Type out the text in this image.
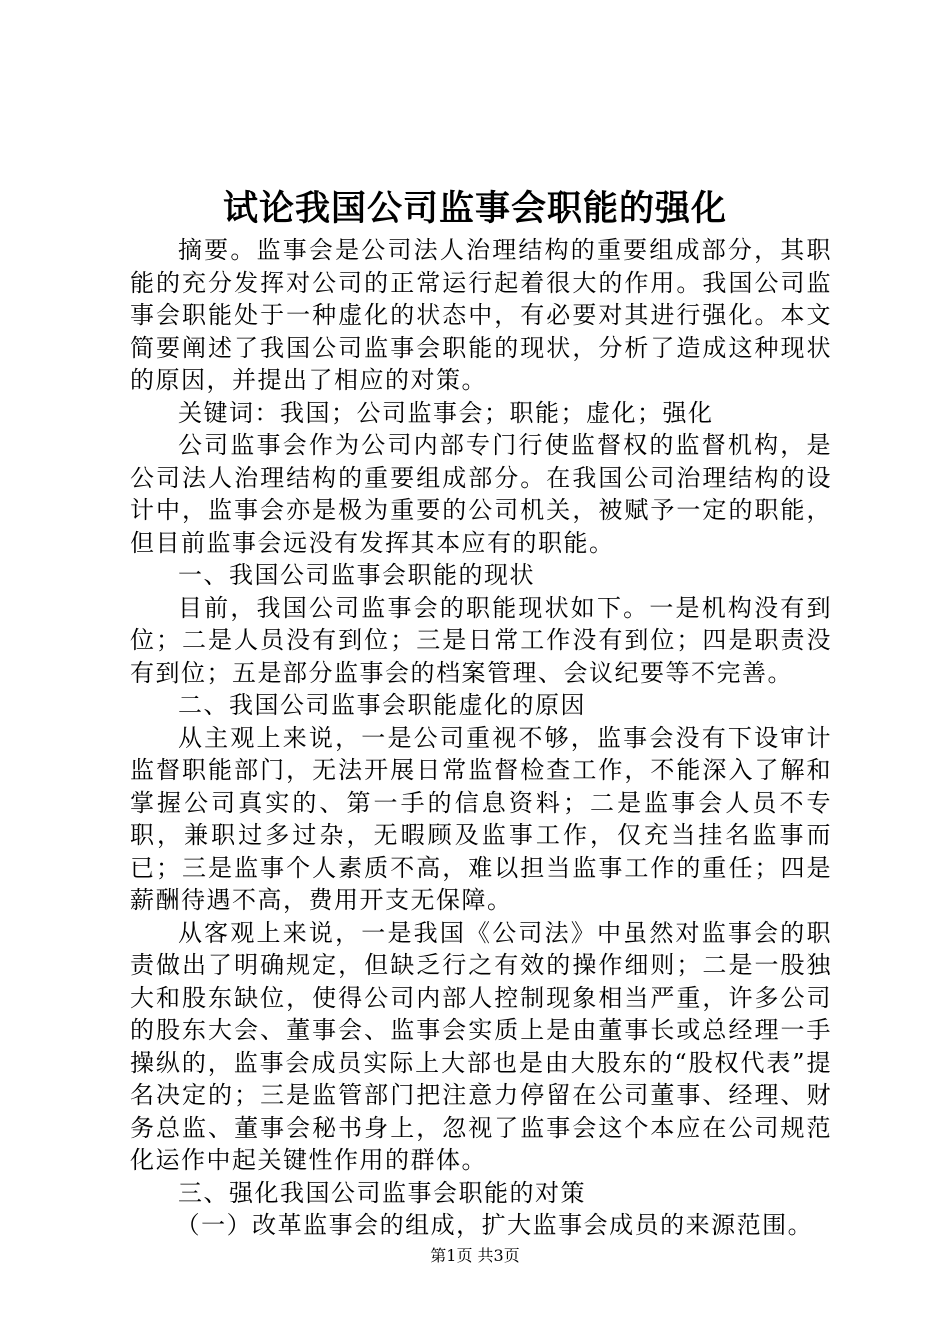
试论我国公司监事会职能的强化

摘要。监事会是公司法人治理结构的重要组成部分，其职能的充分发挥对公司的正常运行起着很大的作用。我国公司监事会职能处于一种虚化的状态中，有必要对其进行强化。本文简要阐述了我国公司监事会职能的现状，分析了造成这种现状的原因，并提出了相应的对策。

关键词：我国；公司监事会；职能；虚化；强化

公司监事会作为公司内部专门行使监督权的监督机构，是公司法人治理结构的重要组成部分。在我国公司治理结构的设计中，监事会亦是极为重要的公司机关，被赋予一定的职能，但目前监事会远没有发挥其本应有的职能。

一、我国公司监事会职能的现状

目前，我国公司监事会的职能现状如下。一是机构没有到位；二是人员没有到位；三是日常工作没有到位；四是职责没有到位；五是部分监事会的档案管理、会议纪要等不完善。

二、我国公司监事会职能虚化的原因

从主观上来说，一是公司重视不够，监事会没有下设审计监督职能部门，无法开展日常监督检查工作，不能深入了解和掌握公司真实的、第一手的信息资料；二是监事会人员不专职，兼职过多过杂，无暇顾及监事工作，仅充当挂名监事而已；三是监事个人素质不高，难以担当监事工作的重任；四是薪酬待遇不高，费用开支无保障。

从客观上来说，一是我国《公司法》中虽然对监事会的职责做出了明确规定，但缺乏行之有效的操作细则；二是一股独大和股东缺位，使得公司内部人控制现象相当严重，许多公司的股东大会、董事会、监事会实质上是由董事长或总经理一手操纵的，监事会成员实际上大部也是由大股东的“股权代表”提名决定的；三是监管部门把注意力停留在公司董事、经理、财务总监、董事会秘书身上，忽视了监事会这个本应在公司规范化运作中起关键性作用的群体。

三、强化我国公司监事会职能的对策

（一）改革监事会的组成，扩大监事会成员的来源范围。

第1页 共3页
